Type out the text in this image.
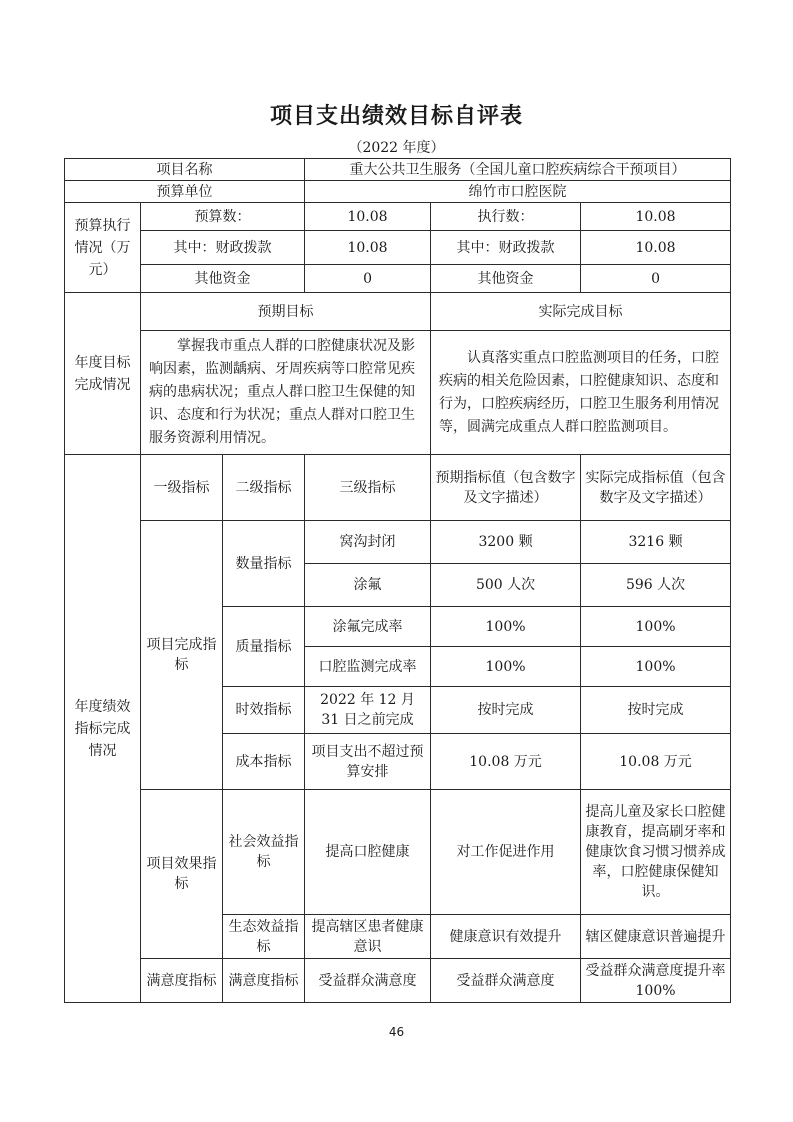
项目支出绩效目标自评表
（2022 年度）
项目名称			重大公共卫生服务（全国儿童口腔疾病综合干预项目）		
预算单位			绵竹市口腔医院		
预算执行情况（万元）	预算数：		10.08	执行数：	10.08
	其中：财政拨款		10.08	其中：财政拨款	10.08
	其他资金		0	其他资金	0
年度目标完成情况	预期目标			实际完成目标	
	掌握我市重点人群的口腔健康状况及影响因素，监测龋病、牙周疾病等口腔常见疾病的患病状况；重点人群口腔卫生保健的知识、态度和行为状况；重点人群对口腔卫生服务资源利用情况。			认真落实重点口腔监测项目的任务，口腔疾病的相关危险因素，口腔健康知识、态度和行为，口腔疾病经历，口腔卫生服务利用情况等，圆满完成重点人群口腔监测项目。	
年度绩效指标完成情况	一级指标	二级指标	三级指标	预期指标值（包含数字及文字描述）	实际完成指标值（包含数字及文字描述）
	项目完成指标	数量指标	窝沟封闭	3200 颗	3216 颗
			涂氟	500 人次	596 人次
		质量指标	涂氟完成率	100%	100%
			口腔监测完成率	100%	100%
		时效指标	2022 年 12 月 31 日之前完成	按时完成	按时完成
		成本指标	项目支出不超过预算安排	10.08 万元	10.08 万元
	项目效果指标	社会效益指标	提高口腔健康	对工作促进作用	提高儿童及家长口腔健康教育，提高刷牙率和健康饮食习惯习惯养成率，口腔健康保健知识。
		生态效益指标	提高辖区患者健康意识	健康意识有效提升	辖区健康意识普遍提升
	满意度指标	满意度指标	受益群众满意度	受益群众满意度	受益群众满意度提升率 100%
46
